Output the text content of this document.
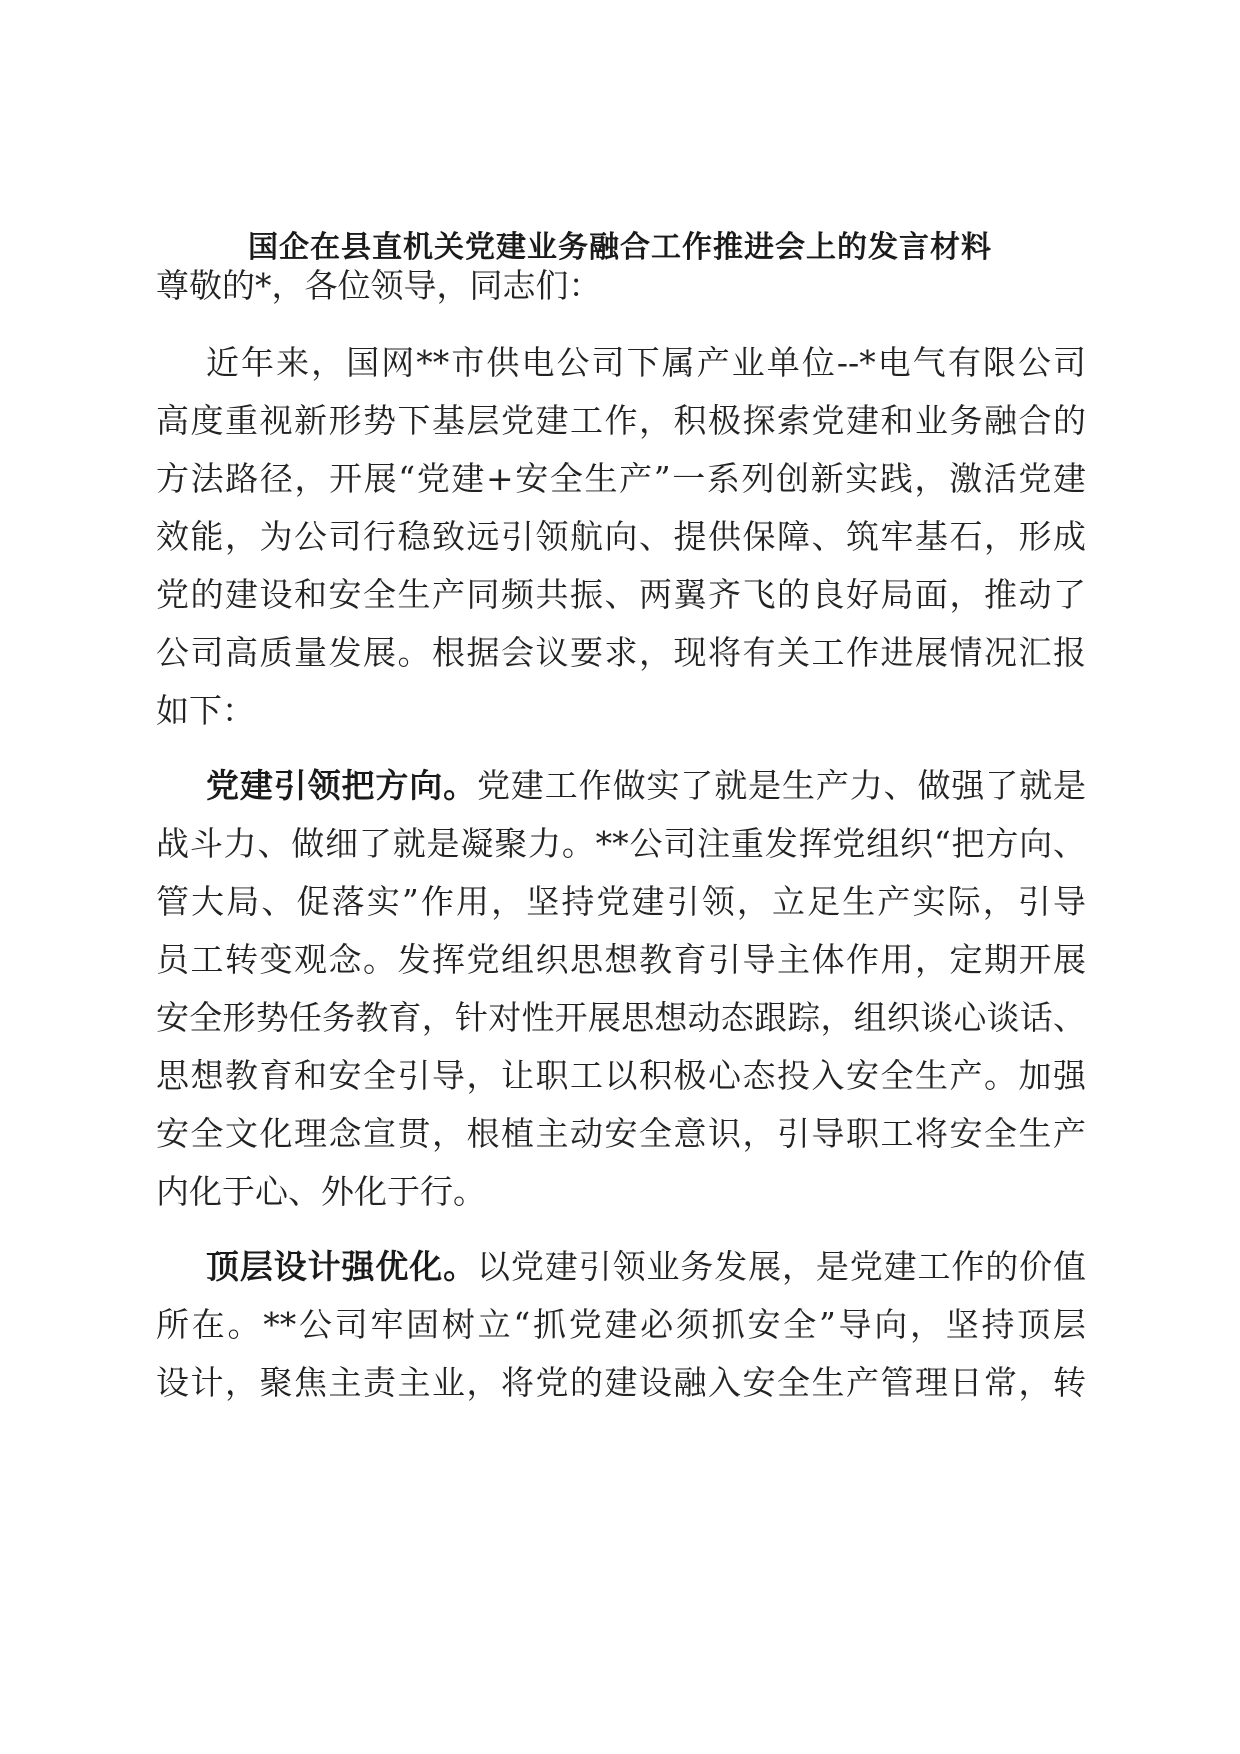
国企在县直机关党建业务融合工作推进会上的发言材料

尊敬的*，各位领导，同志们：

近年来，国网**市供电公司下属产业单位--*电气有限公司

高度重视新形势下基层党建工作，积极探索党建和业务融合的

方法路径，开展“党建+安全生产”一系列创新实践，激活党建

效能，为公司行稳致远引领航向、提供保障、筑牢基石，形成

党的建设和安全生产同频共振、两翼齐飞的良好局面，推动了

公司高质量发展。根据会议要求，现将有关工作进展情况汇报

如下：

党建引领把方向。党建工作做实了就是生产力、做强了就是

战斗力、做细了就是凝聚力。**公司注重发挥党组织“把方向、

管大局、促落实”作用，坚持党建引领，立足生产实际，引导

员工转变观念。发挥党组织思想教育引导主体作用，定期开展

安全形势任务教育，针对性开展思想动态跟踪，组织谈心谈话、

思想教育和安全引导，让职工以积极心态投入安全生产。加强

安全文化理念宣贯，根植主动安全意识，引导职工将安全生产

内化于心、外化于行。

顶层设计强优化。以党建引领业务发展，是党建工作的价值

所在。**公司牢固树立“抓党建必须抓安全”导向，坚持顶层

设计，聚焦主责主业，将党的建设融入安全生产管理日常，转
